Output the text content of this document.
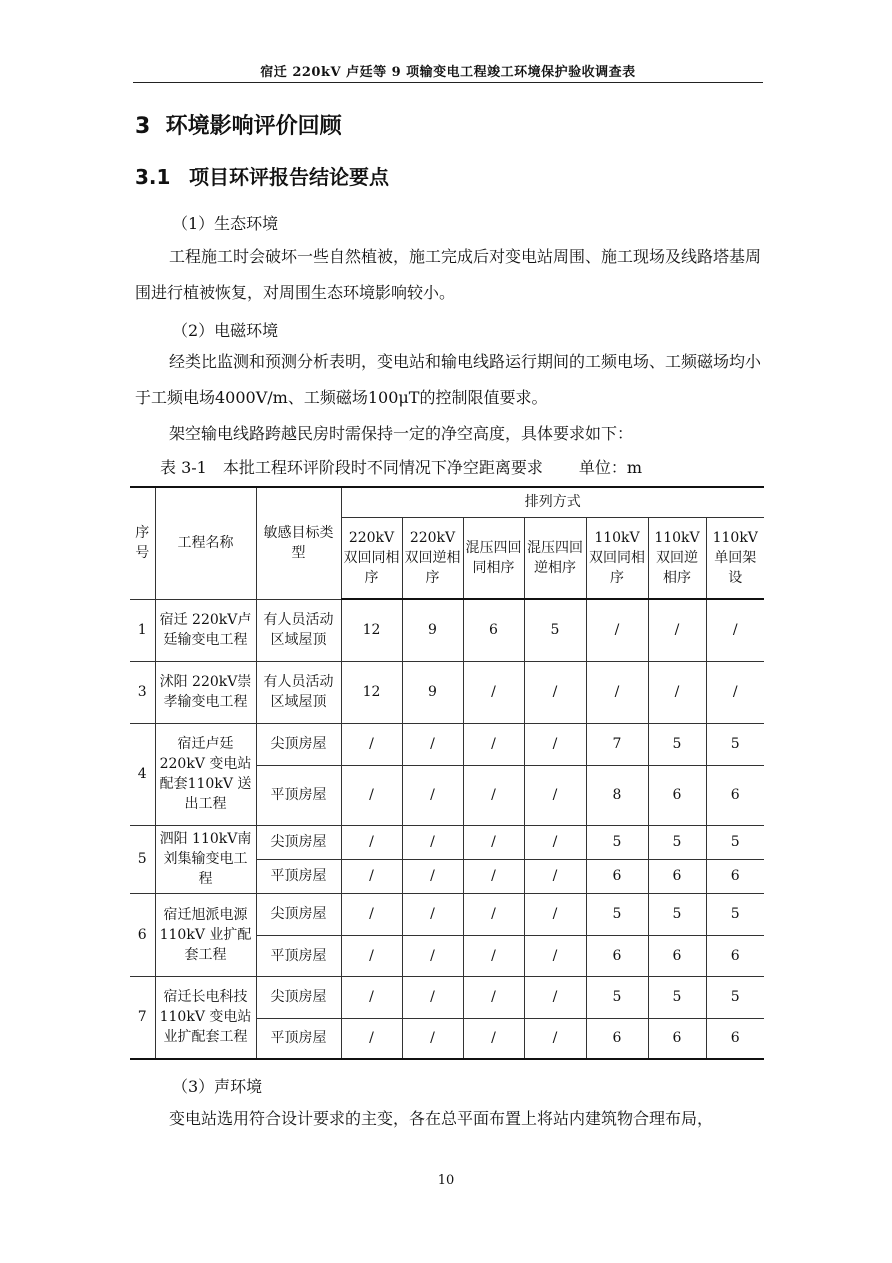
宿迁 220kV 卢廷等 9 项输变电工程竣工环境保护验收调查表
3 环境影响评价回顾
3.1 项目环评报告结论要点
（1）生态环境
工程施工时会破坏一些自然植被，施工完成后对变电站周围、施工现场及线路塔基周围进行植被恢复，对周围生态环境影响较小。
（2）电磁环境
经类比监测和预测分析表明，变电站和输电线路运行期间的工频电场、工频磁场均小于工频电场4000V/m、工频磁场100μT的控制限值要求。
架空输电线路跨越民房时需保持一定的净空高度，具体要求如下：
表 3-1　本批工程环评阶段时不同情况下净空距离要求 单位：m
序号	工程名称	敏感目标类型	排列方式						
			220kV双回同相序	220kV双回逆相序	混压四回同相序	混压四回逆相序	110kV双回同相序	110kV双回逆相序	110kV单回架设
1	宿迁 220kV卢廷输变电工程	有人员活动区域屋顶	12	9	6	5	/	/	/
3	沭阳 220kV崇孝输变电工程	有人员活动区域屋顶	12	9	/	/	/	/	/
4	宿迁卢廷220kV 变电站配套110kV 送出工程	尖顶房屋	/	/	/	/	7	5	5
		平顶房屋	/	/	/	/	8	6	6
5	泗阳 110kV南刘集输变电工程	尖顶房屋	/	/	/	/	5	5	5
		平顶房屋	/	/	/	/	6	6	6
6	宿迁旭派电源 110kV 业扩配套工程	尖顶房屋	/	/	/	/	5	5	5
		平顶房屋	/	/	/	/	6	6	6
7	宿迁长电科技 110kV 变电站业扩配套工程	尖顶房屋	/	/	/	/	5	5	5
		平顶房屋	/	/	/	/	6	6	6
（3）声环境
变电站选用符合设计要求的主变，各在总平面布置上将站内建筑物合理布局，
10
